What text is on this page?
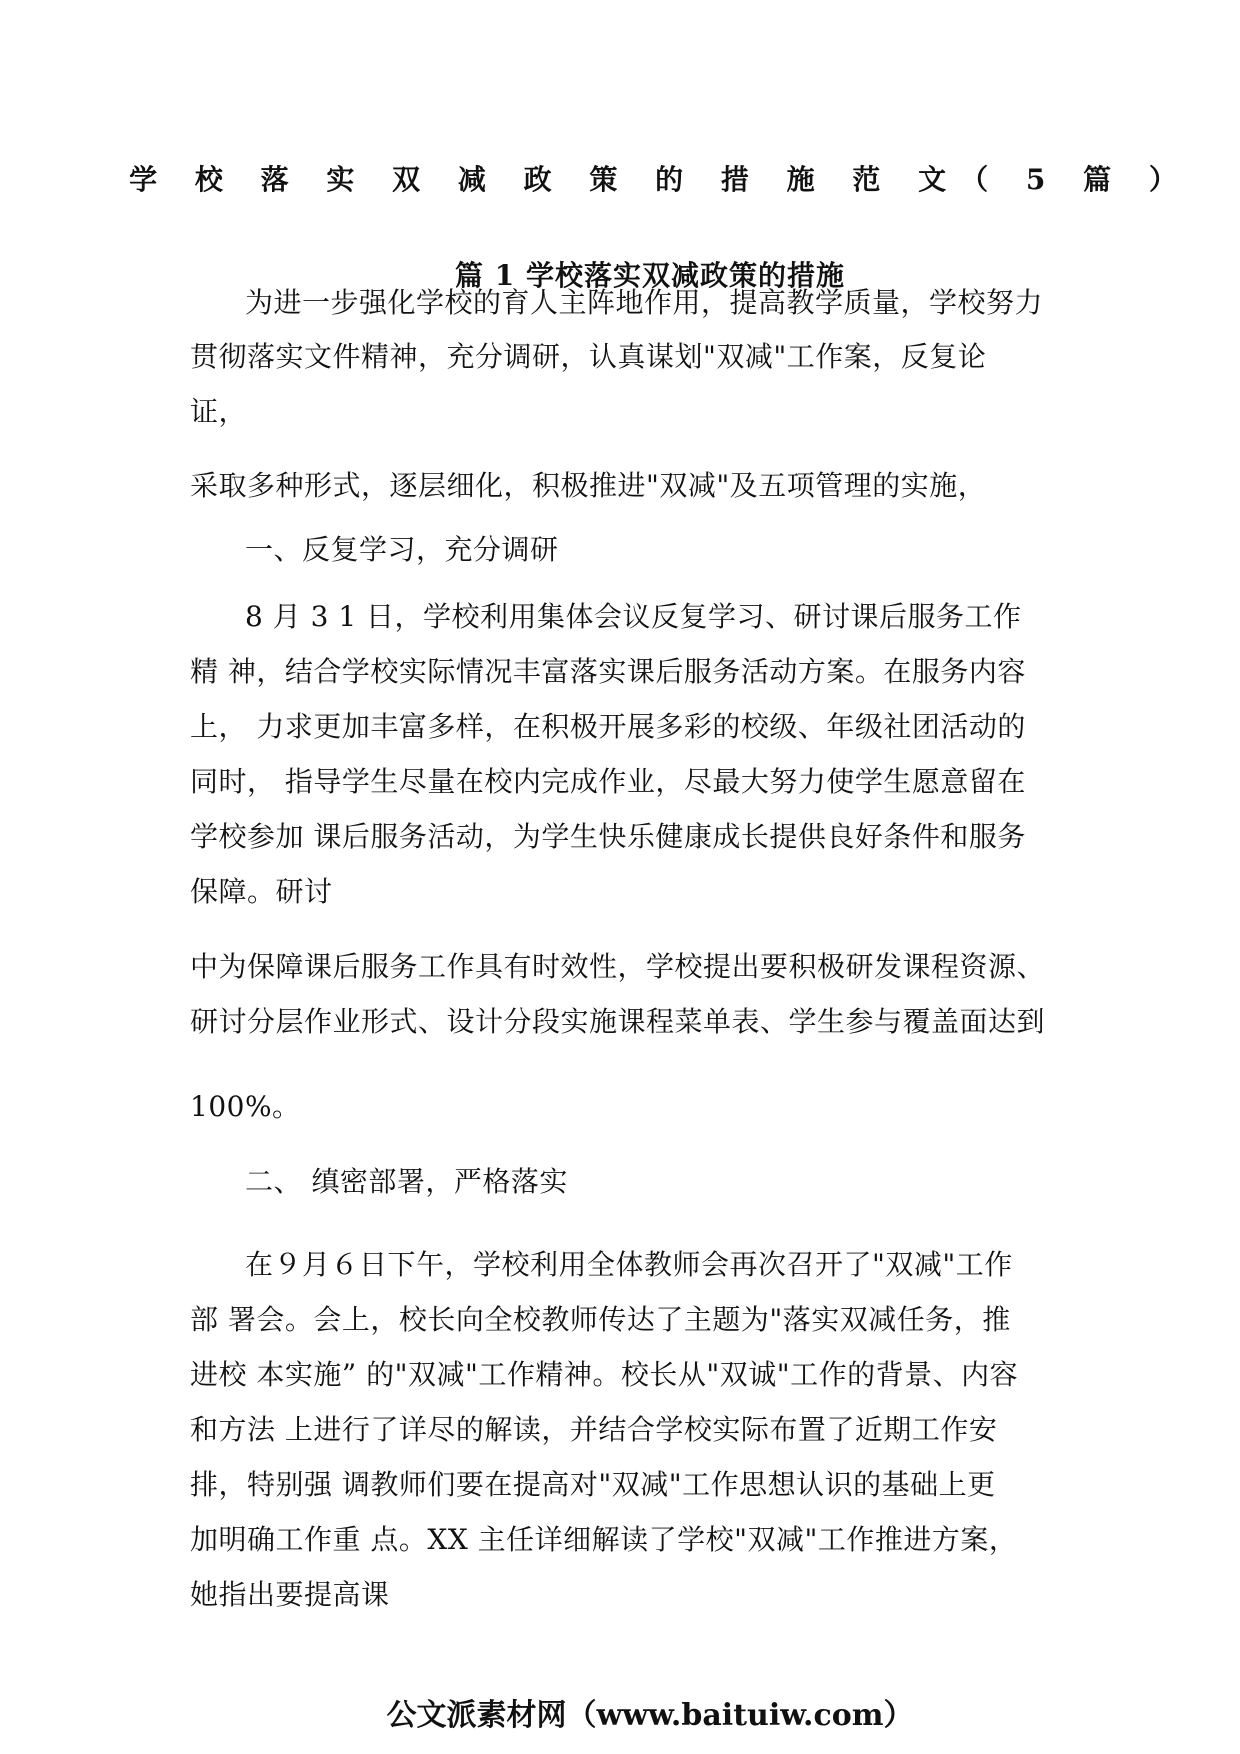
学 校 落 实 双 减 政 策 的 措 施 范 文（ 5 篇 ）
篇 1 学校落实双减政策的措施
为进一步强化学校的育人主阵地作用，提高教学质量，学校努力
贯彻落实文件精神，充分调研，认真谋划"双减"工作案，反复论
证，
采取多种形式，逐层细化，积极推进"双减"及五项管理的实施，
一、反复学习，充分调研
8 月 3 1 日，学校利用集体会议反复学习、研讨课后服务工作
精 神，结合学校实际情况丰富落实课后服务活动方案。在服务内容
上， 力求更加丰富多样，在积极开展多彩的校级、年级社团活动的
同时， 指导学生尽量在校内完成作业，尽最大努力使学生愿意留在
学校参加 课后服务活动，为学生快乐健康成长提供良好条件和服务
保障。研讨
中为保障课后服务工作具有时效性，学校提出要积极研发课程资源、
研讨分层作业形式、设计分段实施课程菜单表、学生参与覆盖面达到
100%。
二、 缜密部署，严格落实
在９月６日下午，学校利用全体教师会再次召开了"双减"工作
部 署会。会上，校长向全校教师传达了主题为"落实双减任务，推
进校 本实施” 的"双减"工作精神。校长从"双诚"工作的背景、内容
和方法 上进行了详尽的解读，并结合学校实际布置了近期工作安
排，特别强 调教师们要在提高对"双减"工作思想认识的基础上更
加明确工作重 点。XX 主任详细解读了学校"双减"工作推进方案，
她指出要提高课
公文派素材网（www.baituiw.com）
